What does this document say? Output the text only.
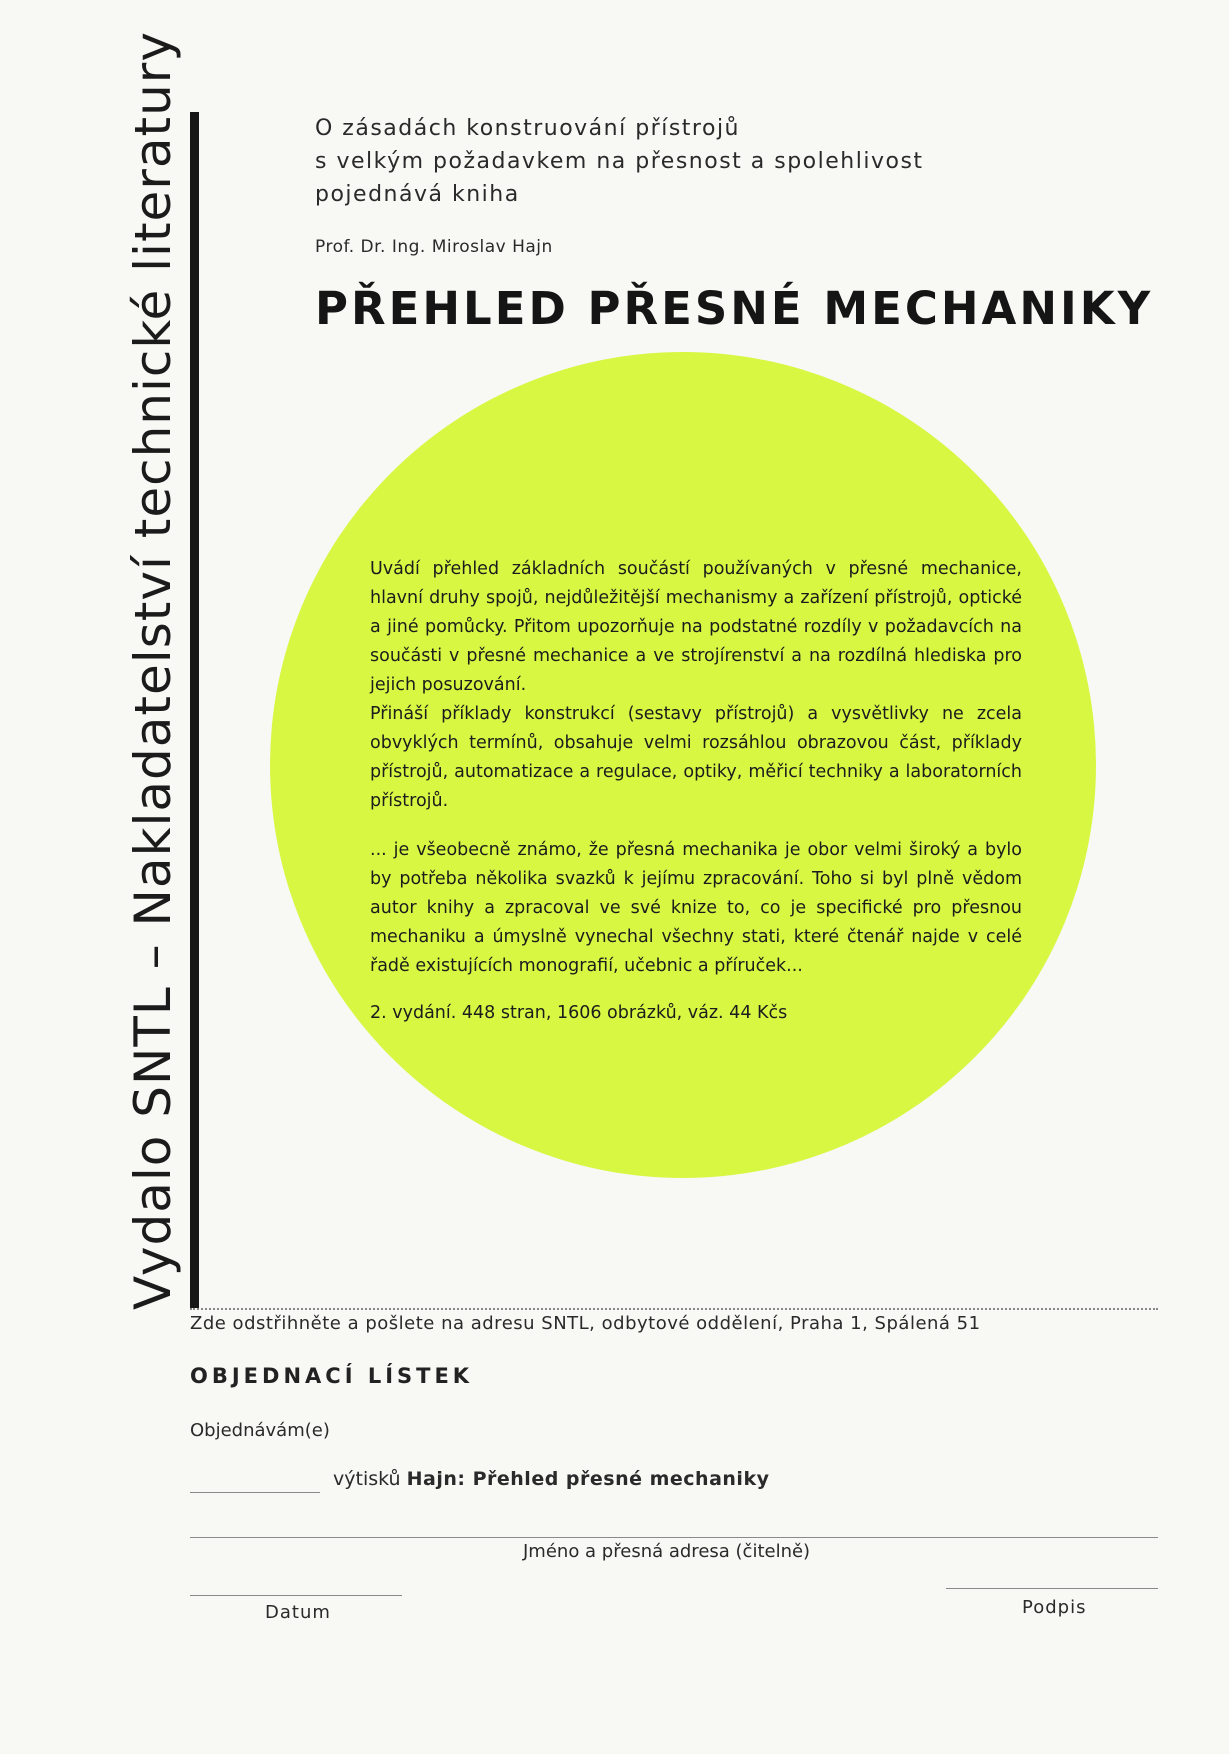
Vydalo SNTL – Nakladatelství technické literatury	O zásadách konstruování přístrojů
s velkým požadavkem na přesnost a spolehlivost
pojednává kniha
Prof. Dr. Ing. Miroslav Hajn
PŘEHLED PŘESNÉ MECHANIKY

Uvádí přehled základních součástí používaných v přesné mechanice, hlavní druhy spojů, nejdůležitější mechanismy a zařízení přístrojů, optické a jiné pomůcky. Přitom upozorňuje na podstatné rozdíly v požadavcích na součásti v přesné mechanice a ve strojírenství a na rozdílná hlediska pro jejich posuzování.

Přináší příklady konstrukcí (sestavy přístrojů) a vysvětlivky ne zcela obvyklých termínů, obsahuje velmi rozsáhlou obrazovou část, příklady přístrojů, automatizace a regulace, optiky, měřicí techniky a laboratorních přístrojů.

... je všeobecně známo, že přesná mechanika je obor velmi široký a bylo by potřeba několika svazků k jejímu zpracování. Toho si byl plně vědom autor knihy a zpracoval ve své knize to, co je specifické pro přesnou mechaniku a úmyslně vynechal všechny stati, které čtenář najde v celé řadě existujících monografií, učebnic a příruček...

2. vydání. 448 stran, 1606 obrázků, váz. 44 Kčs

Zde odstřihněte a pošlete na adresu SNTL, odbytové oddělení, Praha 1, Spálená 51
OBJEDNACÍ LÍSTEK
Objednávám(e)
výtisků Hajn: Přehled přesné mechaniky
Jméno a přesná adresa (čitelně)
Datum	Podpis
